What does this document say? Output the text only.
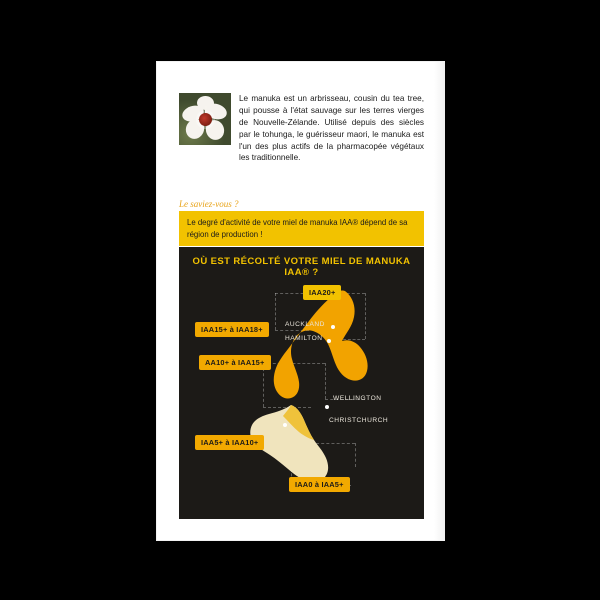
Le manuka est un arbrisseau, cousin du tea tree, qui pousse à l'état sauvage sur les terres vierges de Nouvelle-Zélande. Utilisé depuis des siècles par le tohunga, le guérisseur maori, le manuka est l'un des plus actifs de la pharmacopée végétaux les traditionnelle.
Le saviez-vous ?
Le degré d'activité de votre miel de manuka IAA® dépend de sa région de production !
OÙ EST RÉCOLTÉ VOTRE MIEL DE MANUKA IAA® ?
AUCKLAND
HAMILTON
WELLINGTON
CHRISTCHURCH
IAA20+
IAA15+ à IAA18+
AA10+ à IAA15+
IAA5+ à IAA10+
IAA0 à IAA5+
